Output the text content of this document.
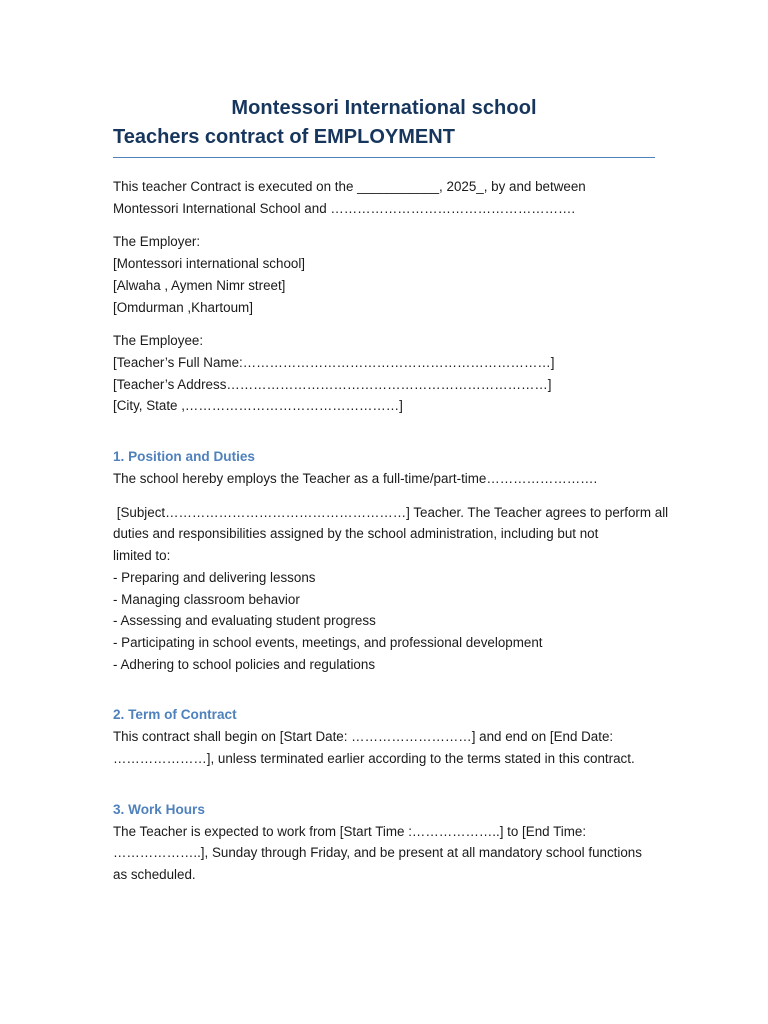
Montessori International school
Teachers contract of EMPLOYMENT

This teacher Contract is executed on the ___________, 2025_, by and between

Montessori International School and ……………………………………………….

The Employer:

[Montessori international school]

[Alwaha , Aymen Nimr street]

[Omdurman ,Khartoum]

The Employee:

[Teacher’s Full Name:……………………………………………………………]

[Teacher’s Address………………………………………………………………]

[City, State ,…………………………………………]

1. Position and Duties

The school hereby employs the Teacher as a full-time/part-time…………………….

[Subject………………………………………………] Teacher. The Teacher agrees to perform all

duties and responsibilities assigned by the school administration, including but not

limited to:

- Preparing and delivering lessons

- Managing classroom behavior

- Assessing and evaluating student progress

- Participating in school events, meetings, and professional development

- Adhering to school policies and regulations

2. Term of Contract

This contract shall begin on [Start Date: ………………………] and end on [End Date:

…………………], unless terminated earlier according to the terms stated in this contract.

3. Work Hours

The Teacher is expected to work from [Start Time :………………..] to [End Time:

………………..], Sunday through Friday, and be present at all mandatory school functions

as scheduled.
